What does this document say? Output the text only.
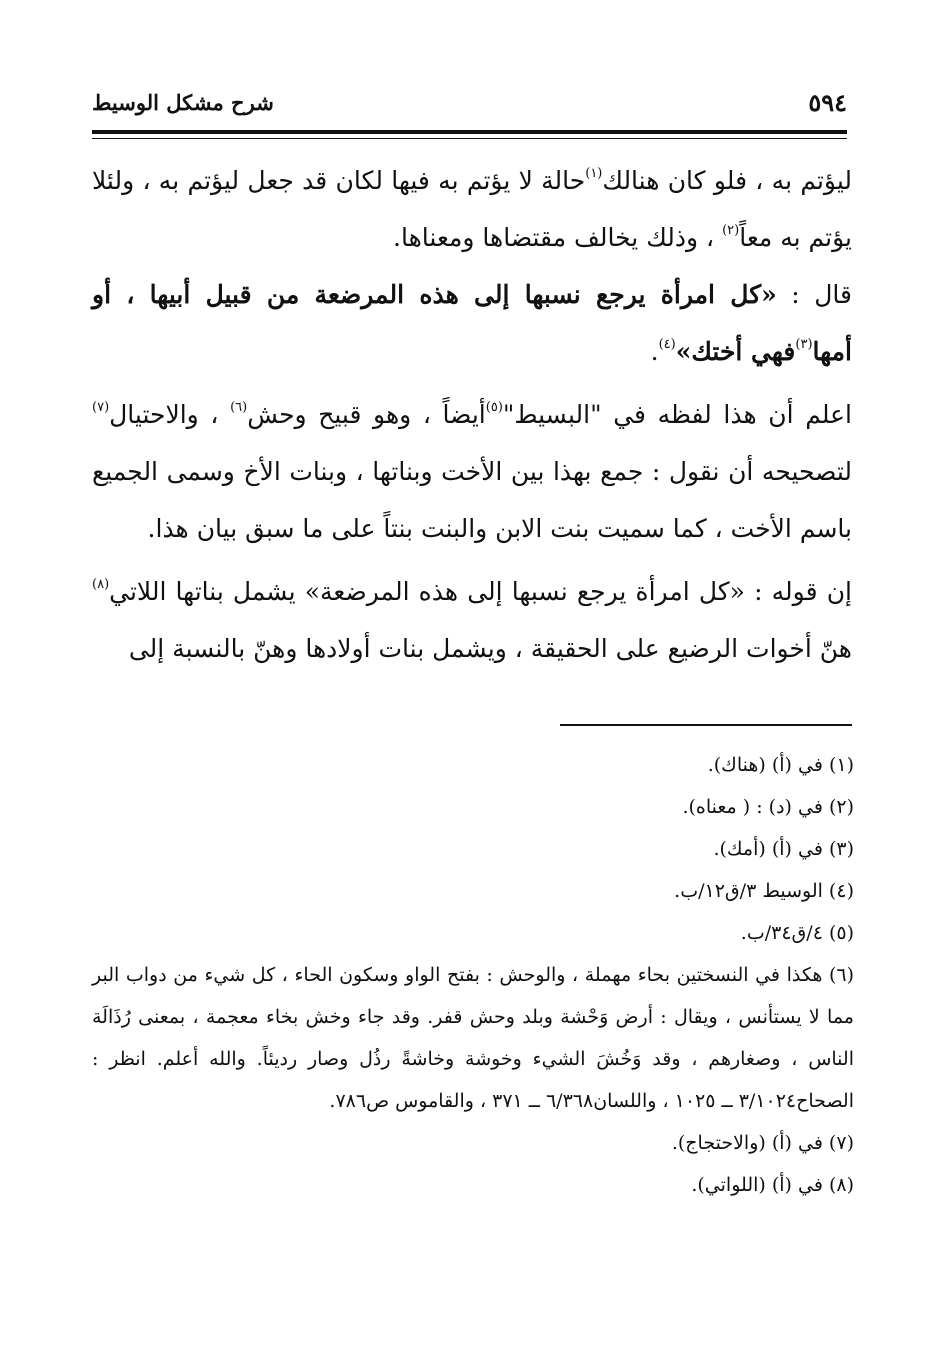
٥٩٤
شرح مشكل الوسيط

ليؤتم به ، فلو كان هنالك$^{(١)}$حالة لا يؤتم به فيها لكان قد جعل ليؤتم به ، ولئلا يؤتم به معاً$^{(٢)}$ ، وذلك يخالف مقتضاها ومعناها.

قال : «كل امرأة يرجع نسبها إلى هذه المرضعة من قبيل أبيها ، أو أمها$^{(٣)}$فهي أختك»$^{(٤)}$.

اعلم أن هذا لفظه في "البسيط"$^{(٥)}$أيضاً ، وهو قبيح وحش$^{(٦)}$ ، والاحتيال$^{(٧)}$ لتصحيحه أن نقول : جمع بهذا بين الأخت وبناتها ، وبنات الأخ وسمى الجميع باسم الأخت ، كما سميت بنت الابن والبنت بنتاً على ما سبق بيان هذا.

إن قوله : «كل امرأة يرجع نسبها إلى هذه المرضعة» يشمل بناتها اللاتي$^{(٨)}$ هنّ أخوات الرضيع على الحقيقة ، ويشمل بنات أولادها وهنّ بالنسبة إلى

(١) في (أ) (هناك).

(٢) في (د) : ( معناه).

(٣) في (أ) (أمك).

(٤) الوسيط ٣/ق١٢/ب.

(٥) ٤/ق٣٤/ب.

(٦) هكذا في النسختين بحاء مهملة ، والوحش : بفتح الواو وسكون الحاء ، كل شيء من دواب البر مما لا يستأنس ، ويقال : أرض وَحْشة وبلد وحش قفر. وقد جاء وخش بخاء معجمة ، بمعنى رُذَالَة الناس ، وصغارهم ، وقد وَخُشَ الشيء وخوشة وخاشةً رذُل وصار رديئاً. والله أعلم. انظر : الصحاح٣/١٠٢٤ ــ ١٠٢٥ ، واللسان٦/٣٦٨ ــ ٣٧١ ، والقاموس ص٧٨٦.

(٧) في (أ) (والاحتجاج).

(٨) في (أ) (اللواتي).
